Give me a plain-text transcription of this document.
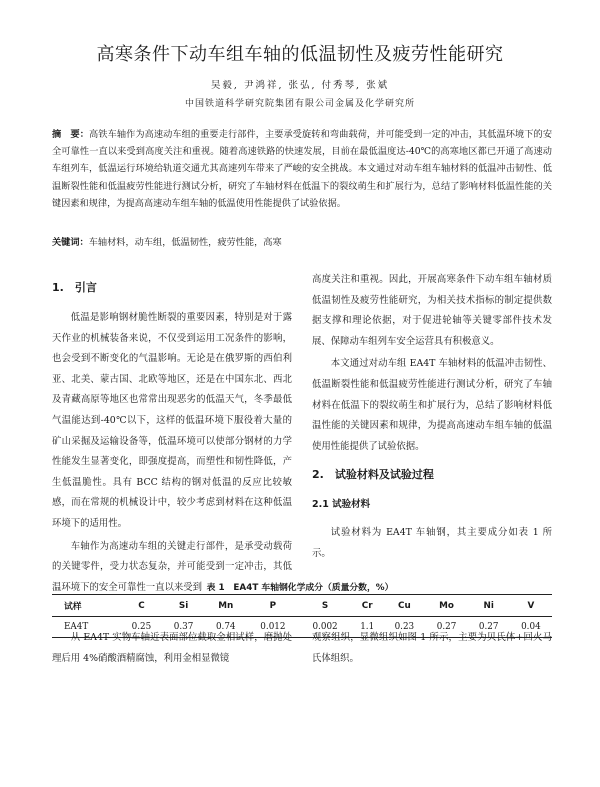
高寒条件下动车组车轴的低温韧性及疲劳性能研究
吴毅, 尹鸿祥, 张弘, 付秀琴, 张斌
中国铁道科学研究院集团有限公司金属及化学研究所
摘　要：高铁车轴作为高速动车组的重要走行部件，主要承受旋转和弯曲载荷，并可能受到一定的冲击，其低温环境下的安全可靠性一直以来受到高度关注和重视。随着高速铁路的快速发展，目前在最低温度达-40℃的高寒地区都已开通了高速动车组列车，低温运行环境给轨道交通尤其高速列车带来了严峻的安全挑战。本文通过对动车组车轴材料的低温冲击韧性、低温断裂性能和低温疲劳性能进行测试分析，研究了车轴材料在低温下的裂纹萌生和扩展行为，总结了影响材料低温性能的关键因素和规律，为提高高速动车组车轴的低温使用性能提供了试验依据。
关键词：车轴材料，动车组，低温韧性，疲劳性能，高寒
1.　引言

低温是影响钢材脆性断裂的重要因素，特别是对于露天作业的机械装备来说，不仅受到运用工况条件的影响，也会受到不断变化的气温影响。无论是在俄罗斯的西伯利亚、北美、蒙古国、北欧等地区，还是在中国东北、西北及青藏高原等地区也常常出现恶劣的低温天气，冬季最低气温能达到-40℃以下，这样的低温环境下服役着大量的矿山采掘及运输设备等，低温环境可以使部分钢材的力学性能发生显著变化，即强度提高，而塑性和韧性降低，产生低温脆性。具有 BCC 结构的钢对低温的反应比较敏感，而在常规的机械设计中，较少考虑到材料在这种低温环境下的适用性。

车轴作为高速动车组的关键走行部件，是承受动载荷的关键零件，受力状态复杂，并可能受到一定冲击，其低温环境下的安全可靠性一直以来受到

高度关注和重视。因此，开展高寒条件下动车组车轴材质低温韧性及疲劳性能研究，为相关技术指标的制定提供数据支撑和理论依据，对于促进轮轴等关键零部件技术发展、保障动车组列车安全运营具有积极意义。

本文通过对动车组 EA4T 车轴材料的低温冲击韧性、低温断裂性能和低温疲劳性能进行测试分析，研究了车轴材料在低温下的裂纹萌生和扩展行为，总结了影响材料低温性能的关键因素和规律，为提高高速动车组车轴的低温使用性能提供了试验依据。

2.　试验材料及试验过程
2.1 试验材料

试验材料为 EA4T 车轴钢，其主要成分如表 1 所示。

表 1　EA4T 车轴钢化学成分（质量分数，%）
试样	C	Si	Mn	P	S	Cr	Cu	Mo	Ni	V
EA4T	0.25	0.37	0.74	0.012	0.002	1.1	0.23	0.27	0.27	0.04

从 EA4T 实物车轴近表面部位截取金相试样，磨抛处理后用 4%硝酸酒精腐蚀，利用金相显微镜

观察组织，显微组织如图 1 所示，主要为贝氏体+回火马氏体组织。
